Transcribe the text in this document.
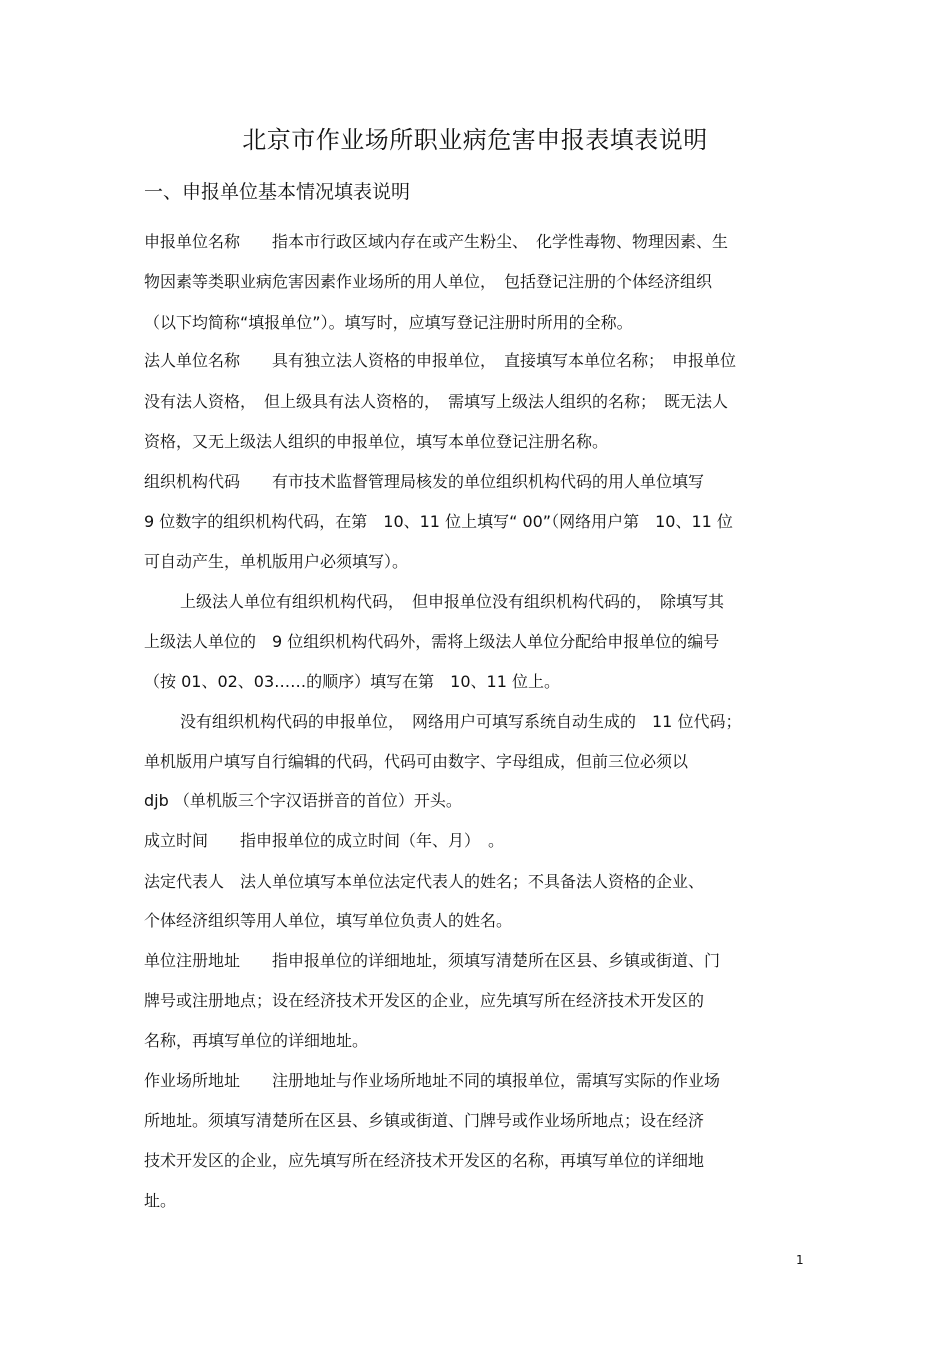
北京市作业场所职业病危害申报表填表说明
一、申报单位基本情况填表说明

申报单位名称　　指本市行政区域内存在或产生粉尘、　化学性毒物、物理因素、生

物因素等类职业病危害因素作业场所的用人单位，　包括登记注册的个体经济组织

（以下均简称“填报单位”）。填写时，应填写登记注册时所用的全称。

法人单位名称　　具有独立法人资格的申报单位，　直接填写本单位名称；　申报单位

没有法人资格，　但上级具有法人资格的，　需填写上级法人组织的名称；　既无法人

资格，又无上级法人组织的申报单位，填写本单位登记注册名称。

组织机构代码　　有市技术监督管理局核发的单位组织机构代码的用人单位填写

9 位数字的组织机构代码，在第　10、11 位上填写“ 00”（网络用户第　10、11 位

可自动产生，单机版用户必须填写）。

上级法人单位有组织机构代码，　但申报单位没有组织机构代码的，　除填写其

上级法人单位的　9 位组织机构代码外，需将上级法人单位分配给申报单位的编号

（按 01、02、03……的顺序）填写在第　10、11 位上。

没有组织机构代码的申报单位，　网络用户可填写系统自动生成的　11 位代码；

单机版用户填写自行编辑的代码，代码可由数字、字母组成，但前三位必须以

djb （单机版三个字汉语拼音的首位）开头。

成立时间　　指申报单位的成立时间（年、月）　。

法定代表人　法人单位填写本单位法定代表人的姓名；不具备法人资格的企业、

个体经济组织等用人单位，填写单位负责人的姓名。

单位注册地址　　指申报单位的详细地址，须填写清楚所在区县、乡镇或街道、门

牌号或注册地点；设在经济技术开发区的企业，应先填写所在经济技术开发区的

名称，再填写单位的详细地址。

作业场所地址　　注册地址与作业场所地址不同的填报单位，需填写实际的作业场

所地址。须填写清楚所在区县、乡镇或街道、门牌号或作业场所地点；设在经济

技术开发区的企业，应先填写所在经济技术开发区的名称，再填写单位的详细地

址。

1
